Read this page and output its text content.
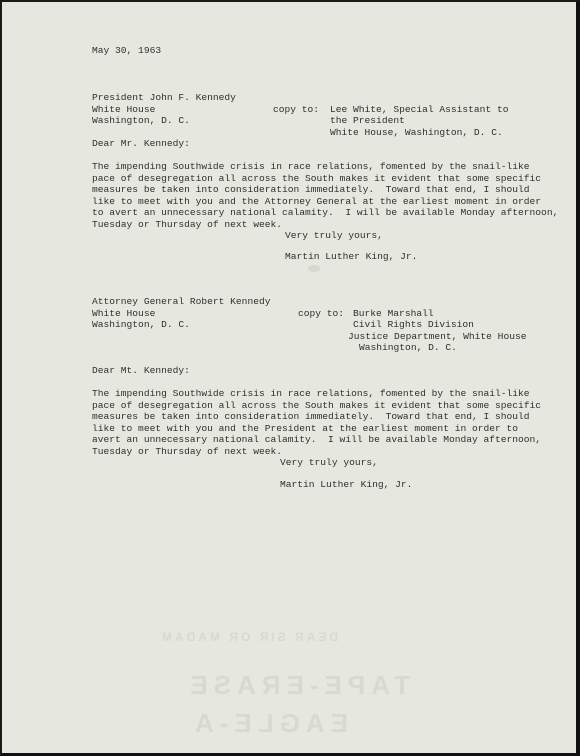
May 30, 1963

President John F. Kennedy

White House

Washington, D. C.

copy to: Lee White, Special Assistant to

the President

White House, Washington, D. C.

Dear Mr. Kennedy:

The impending Southwide crisis in race relations, fomented by the snail-like

pace of desegregation all across the South makes it evident that some specific

measures be taken into consideration immediately.  Toward that end, I should

like to meet with you and the Attorney General at the earliest moment in order

to avert an unnecessary national calamity.  I will be available Monday afternoon,

Tuesday or Thursday of next week.

Very truly yours,

Martin Luther King, Jr.

Attorney General Robert Kennedy

White House

Washington, D. C.

copy to: Burke Marshall

Civil Rights Division

Justice Department, White House

Washington, D. C.

Dear Mt. Kennedy:

The impending Southwide crisis in race relations, fomented by the snail-like

pace of desegregation all across the South makes it evident that some specific

measures be taken into consideration immediately.  Toward that end, I should

like to meet with you and the President at the earliest moment in order to

avert an unnecessary national calamity.  I will be available Monday afternoon,

Tuesday or Thursday of next week.

Very truly yours,

Martin Luther King, Jr.

DEAR SIR OR MADAM
TAPE-ERASE
EAGLE-A
